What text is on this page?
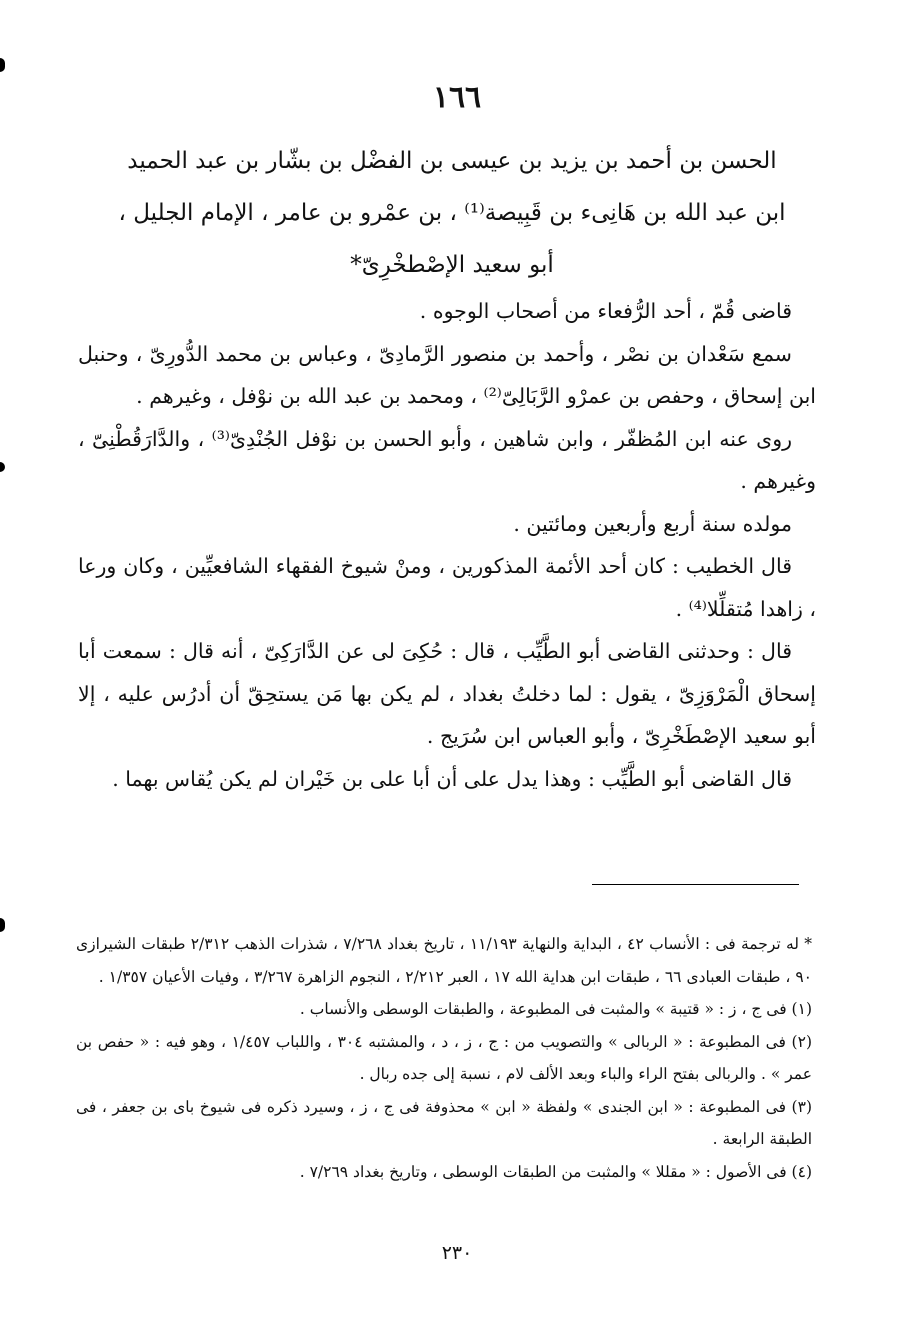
١٦٦
الحسن بن أحمد بن يزيد بن عيسى بن الفضْل بن بشّار بن عبد الحميد
ابن عبد الله بن هَانِىء بن قَبِيصة⁽¹⁾ ، بن عمْرو بن عامر ، الإمام الجليل ،
أبو سعيد الإصْطخْرِىّ*

قاضى قُمّ ، أحد الرُّفعاء من أصحاب الوجوه .

سمع سَعْدان بن نصْر ، وأحمد بن منصور الرَّمادِىّ ، وعباس بن محمد الدُّورِىّ ، وحنبل ابن إسحاق ، وحفص بن عمرْو الرَّبَالِىّ⁽²⁾ ، ومحمد بن عبد الله بن نوْفل ، وغيرهم .

روى عنه ابن المُظفّر ، وابن شاهين ، وأبو الحسن بن نوْفل الجُنْدِىّ⁽³⁾ ، والدَّارَقُطْنِىّ ، وغيرهم .

مولده سنة أربع وأربعين ومائتين .

قال الخطيب : كان أحد الأئمة المذكورين ، ومنْ شيوخ الفقهاء الشافعيِّين ، وكان ورعا ، زاهدا مُتقلِّلا⁽⁴⁾ .

قال : وحدثنى القاضى أبو الطَّيِّب ، قال : حُكِىَ لى عن الدَّارَكِىّ ، أنه قال : سمعت أبا إسحاق الْمَرْوَزِىّ ، يقول : لما دخلتُ بغداد ، لم يكن بها مَن يستحِقّ أن أدرُس عليه ، إلا أبو سعيد الإصْطَخْرِىّ ، وأبو العباس ابن سُرَيج .

قال القاضى أبو الطَّيِّب : وهذا يدل على أن أبا على بن خَيْران لم يكن يُقاس بهما .

* له ترجمة فى : الأنساب ٤٢ ، البداية والنهاية ١١/١٩٣ ، تاريخ بغداد ٧/٢٦٨ ، شذرات الذهب ٢/٣١٢ طبقات الشيرازى ٩٠ ، طبقات العبادى ٦٦ ، طبقات ابن هداية الله ١٧ ، العبر ٢/٢١٢ ، النجوم الزاهرة ٣/٢٦٧ ، وفيات الأعيان ١/٣٥٧ .

(١) فى ج ، ز : « قتيبة » والمثبت فى المطبوعة ، والطبقات الوسطى والأنساب .

(٢) فى المطبوعة : « الربالى » والتصويب من : ج ، ز ، د ، والمشتبه ٣٠٤ ، واللباب ١/٤٥٧ ، وهو فيه : « حفص بن عمر » . والربالى بفتح الراء والباء وبعد الألف لام ، نسبة إلى جده ربال .

(٣) فى المطبوعة : « ابن الجندى » ولفظة « ابن » محذوفة فى ج ، ز ، وسيرد ذكره فى شيوخ باى بن جعفر ، فى الطبقة الرابعة .

(٤) فى الأصول : « مقللا » والمثبت من الطبقات الوسطى ، وتاريخ بغداد ٧/٢٦٩ .

٢٣٠
